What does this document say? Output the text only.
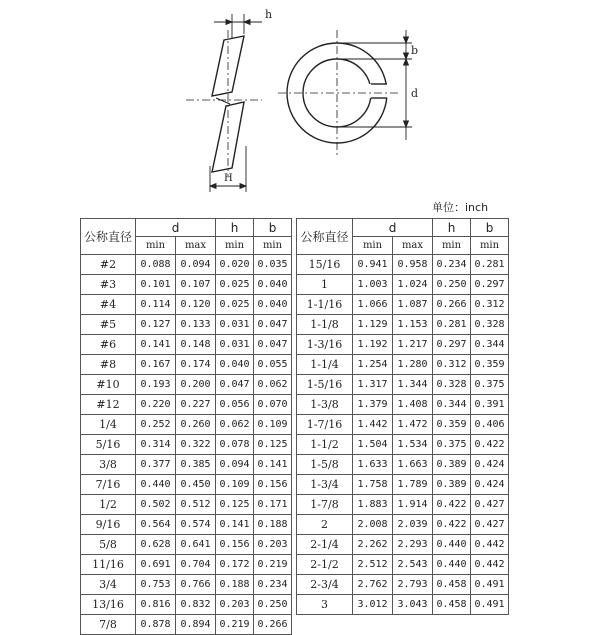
h
H
b
d
单位：inch
公称直径	d		h	b
	min	max	min	min
#2	0.088	0.094	0.020	0.035
#3	0.101	0.107	0.025	0.040
#4	0.114	0.120	0.025	0.040
#5	0.127	0.133	0.031	0.047
#6	0.141	0.148	0.031	0.047
#8	0.167	0.174	0.040	0.055
#10	0.193	0.200	0.047	0.062
#12	0.220	0.227	0.056	0.070
1/4	0.252	0.260	0.062	0.109
5/16	0.314	0.322	0.078	0.125
3/8	0.377	0.385	0.094	0.141
7/16	0.440	0.450	0.109	0.156
1/2	0.502	0.512	0.125	0.171
9/16	0.564	0.574	0.141	0.188
5/8	0.628	0.641	0.156	0.203
11/16	0.691	0.704	0.172	0.219
3/4	0.753	0.766	0.188	0.234
13/16	0.816	0.832	0.203	0.250
7/8	0.878	0.894	0.219	0.266
公称直径	d		h	b
	min	max	min	min
15/16	0.941	0.958	0.234	0.281
1	1.003	1.024	0.250	0.297
1-1/16	1.066	1.087	0.266	0.312
1-1/8	1.129	1.153	0.281	0.328
1-3/16	1.192	1.217	0.297	0.344
1-1/4	1.254	1.280	0.312	0.359
1-5/16	1.317	1.344	0.328	0.375
1-3/8	1.379	1.408	0.344	0.391
1-7/16	1.442	1.472	0.359	0.406
1-1/2	1.504	1.534	0.375	0.422
1-5/8	1.633	1.663	0.389	0.424
1-3/4	1.758	1.789	0.389	0.424
1-7/8	1.883	1.914	0.422	0.427
2	2.008	2.039	0.422	0.427
2-1/4	2.262	2.293	0.440	0.442
2-1/2	2.512	2.543	0.440	0.442
2-3/4	2.762	2.793	0.458	0.491
3	3.012	3.043	0.458	0.491
